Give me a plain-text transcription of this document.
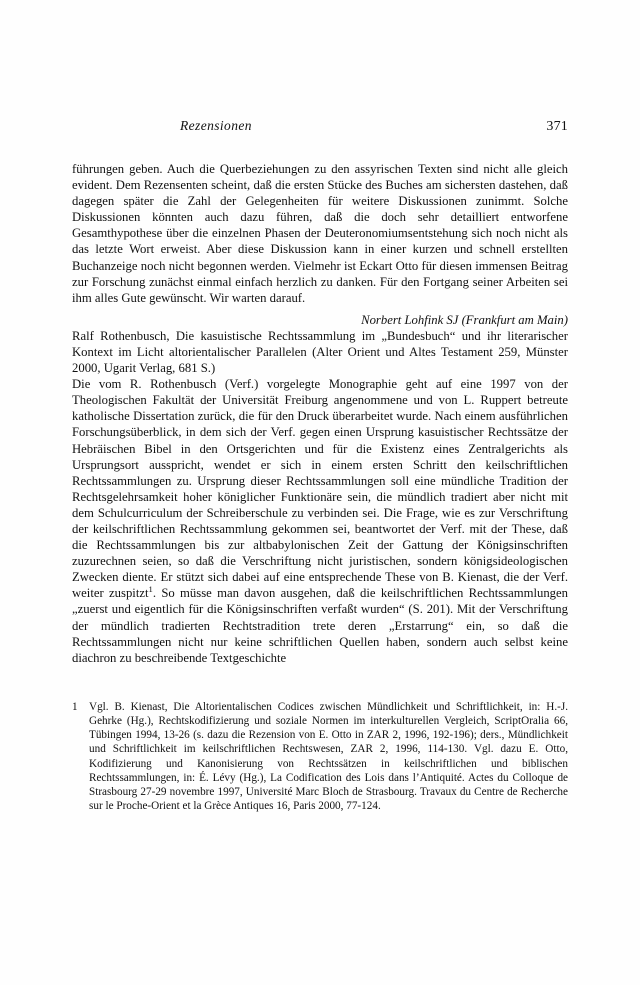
Rezensionen	371

führungen geben. Auch die Querbeziehungen zu den assyrischen Texten sind nicht alle gleich evident. Dem Rezensenten scheint, daß die ersten Stücke des Buches am sichersten dastehen, daß dagegen später die Zahl der Gelegenheiten für weitere Diskussionen zunimmt. Solche Diskussionen könnten auch dazu führen, daß die doch sehr detailliert entworfene Gesamthypothese über die einzelnen Phasen der Deuteronomiumsentstehung sich noch nicht als das letzte Wort erweist. Aber diese Diskussion kann in einer kurzen und schnell erstellten Buchanzeige noch nicht begonnen werden. Vielmehr ist Eckart Otto für diesen immensen Beitrag zur Forschung zunächst einmal einfach herzlich zu danken. Für den Fortgang seiner Arbeiten sei ihm alles Gute gewünscht. Wir warten darauf.

Norbert Lohfink SJ (Frankfurt am Main)

Ralf Rothenbusch, Die kasuistische Rechtssammlung im „Bundesbuch“ und ihr literarischer Kontext im Licht altorientalischer Parallelen (Alter Orient und Altes Testament 259, Münster 2000, Ugarit Verlag, 681 S.)

Die vom R. Rothenbusch (Verf.) vorgelegte Monographie geht auf eine 1997 von der Theologischen Fakultät der Universität Freiburg angenommene und von L. Ruppert betreute katholische Dissertation zurück, die für den Druck überarbeitet wurde. Nach einem ausführlichen Forschungsüberblick, in dem sich der Verf. gegen einen Ursprung kasuistischer Rechtssätze der Hebräischen Bibel in den Ortsgerichten und für die Existenz eines Zentralgerichts als Ursprungsort ausspricht, wendet er sich in einem ersten Schritt den keilschriftlichen Rechtssammlungen zu. Ursprung dieser Rechtssammlungen soll eine mündliche Tradition der Rechtsgelehrsamkeit hoher königlicher Funktionäre sein, die mündlich tradiert aber nicht mit dem Schulcurriculum der Schreiberschule zu verbinden sei. Die Frage, wie es zur Verschriftung der keilschriftlichen Rechtssammlung gekommen sei, beantwortet der Verf. mit der These, daß die Rechtssammlungen bis zur altbabylonischen Zeit der Gattung der Königsinschriften zuzurechnen seien, so daß die Verschriftung nicht juristischen, sondern königsideologischen Zwecken diente. Er stützt sich dabei auf eine entsprechende These von B. Kienast, die der Verf. weiter zuspitzt$^1$. So müsse man davon ausgehen, daß die keilschriftlichen Rechtssammlungen „zuerst und eigentlich für die Königsinschriften verfaßt wurden“ (S. 201). Mit der Verschriftung der mündlich tradierten Rechtstradition trete deren „Erstarrung“ ein, so daß die Rechtssammlungen nicht nur keine schriftlichen Quellen haben, sondern auch selbst keine diachron zu beschreibende Textgeschichte

1	Vgl. B. Kienast, Die Altorientalischen Codices zwischen Mündlichkeit und Schriftlichkeit, in: H.-J. Gehrke (Hg.), Rechtskodifizierung und soziale Normen im interkulturellen Vergleich, ScriptOralia 66, Tübingen 1994, 13-26 (s. dazu die Rezension von E. Otto in ZAR 2, 1996, 192-196); ders., Mündlichkeit und Schriftlichkeit im keilschriftlichen Rechtswesen, ZAR 2, 1996, 114-130. Vgl. dazu E. Otto, Kodifizierung und Kanonisierung von Rechtssätzen in keilschriftlichen und biblischen Rechtssammlungen, in: É. Lévy (Hg.), La Codification des Lois dans l’Antiquité. Actes du Colloque de Strasbourg 27-29 novembre 1997, Université Marc Bloch de Strasbourg. Travaux du Centre de Recherche sur le Proche-Orient et la Grèce Antiques 16, Paris 2000, 77-124.
